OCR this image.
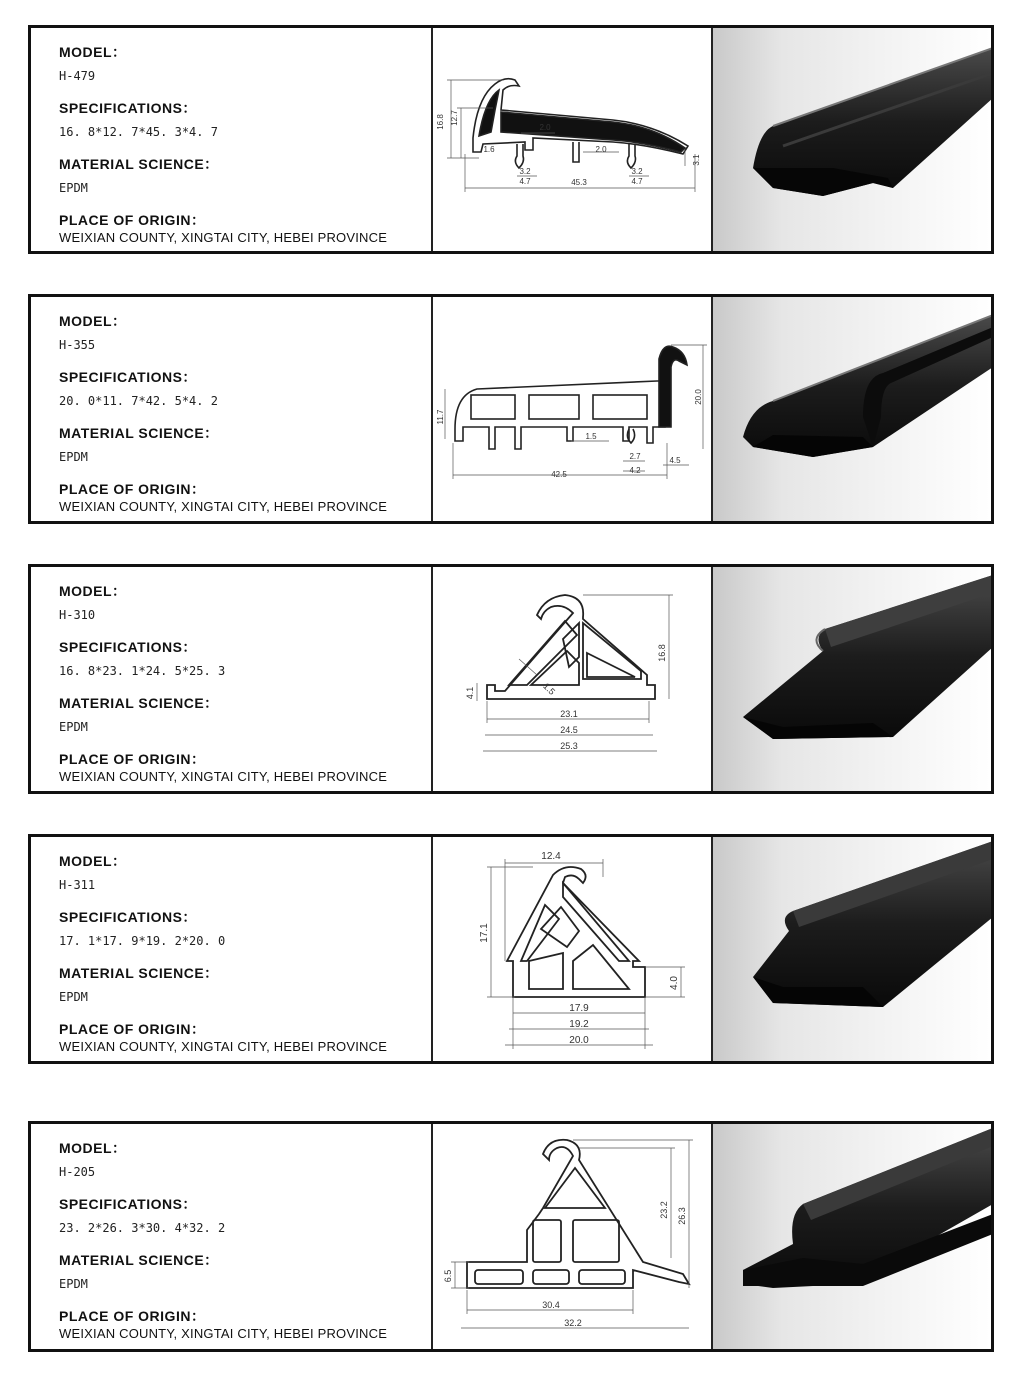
MODEL：

H-479

SPECIFICATIONS：

16. 8*12. 7*45. 3*4. 7

MATERIAL SCIENCE：

EPDM

PLACE OF ORIGIN：

WEIXIAN COUNTY, XINGTAI CITY, HEBEI PROVINCE

16.8 12.7
2.0
1.6	2.0
3.2
4.7
3.2
4.7
3.1
45.3

MODEL：

H-355

SPECIFICATIONS：

20. 0*11. 7*42. 5*4. 2

MATERIAL SCIENCE：

EPDM

PLACE OF ORIGIN：

WEIXIAN COUNTY, XINGTAI CITY, HEBEI PROVINCE

11.7
20.0
1.5
2.7
4.2
4.5
42.5

MODEL：

H-310

SPECIFICATIONS：

16. 8*23. 1*24. 5*25. 3

MATERIAL SCIENCE：

EPDM

PLACE OF ORIGIN：

WEIXIAN COUNTY, XINGTAI CITY, HEBEI PROVINCE

16.8
4.1	1.5
23.1
24.5
25.3

MODEL：

H-311

SPECIFICATIONS：

17. 1*17. 9*19. 2*20. 0

MATERIAL SCIENCE：

EPDM

PLACE OF ORIGIN：

WEIXIAN COUNTY, XINGTAI CITY, HEBEI PROVINCE

12.4
17.1
4.0
17.9
19.2
20.0

MODEL：

H-205

SPECIFICATIONS：

23. 2*26. 3*30. 4*32. 2

MATERIAL SCIENCE：

EPDM

PLACE OF ORIGIN：

WEIXIAN COUNTY, XINGTAI CITY, HEBEI PROVINCE

23.2 26.3
6.5
30.4
32.2
